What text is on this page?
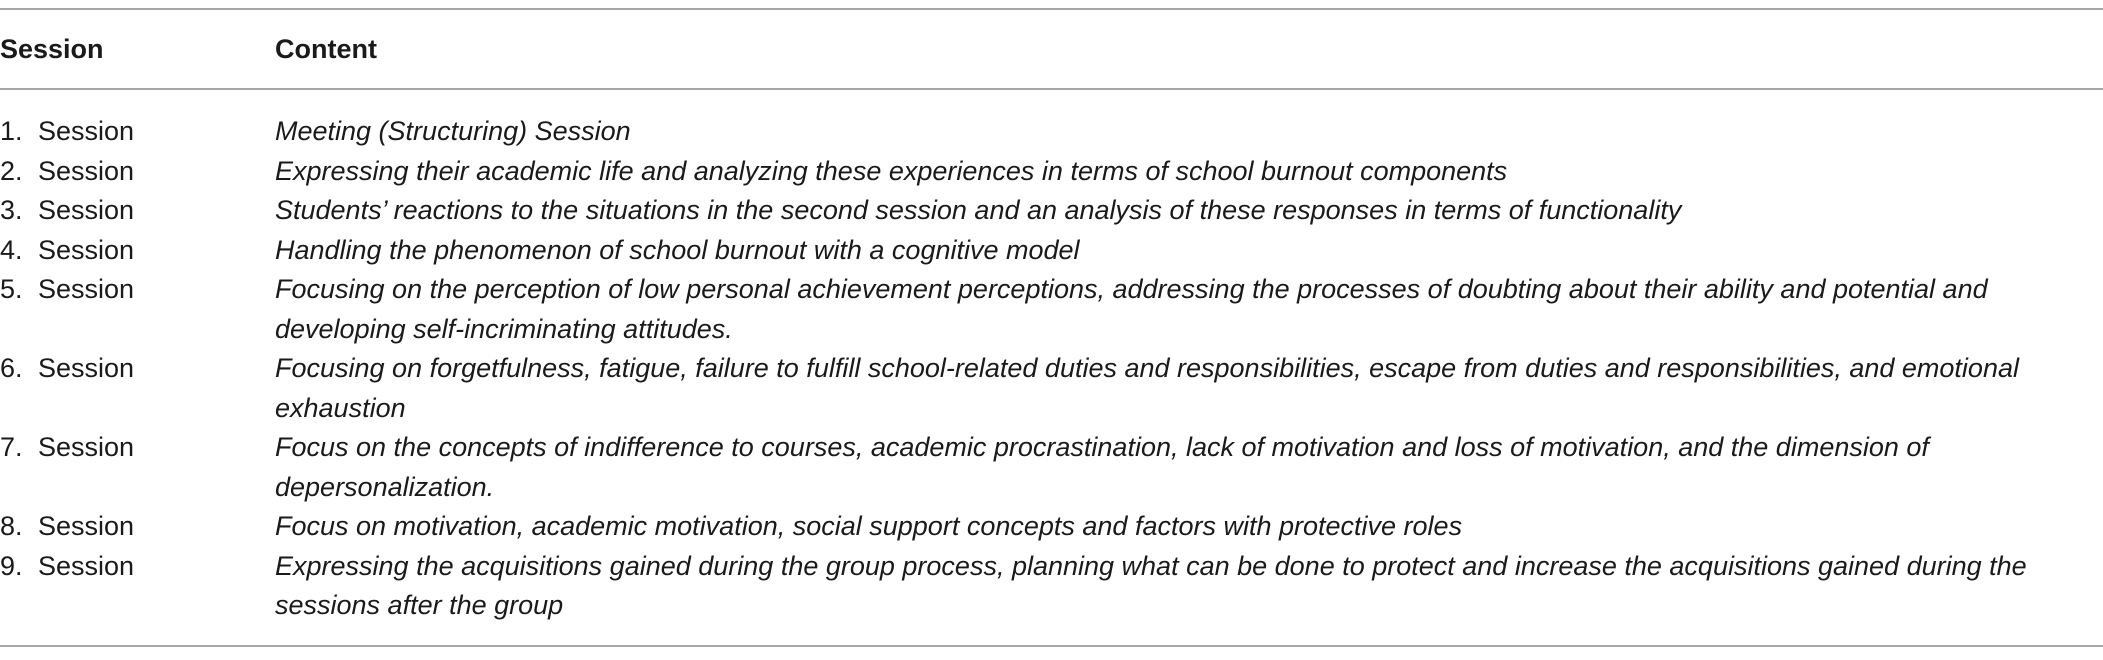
Session	Content
1. Session	Meeting (Structuring) Session
2. Session	Expressing their academic life and analyzing these experiences in terms of school burnout components
3. Session	Students’ reactions to the situations in the second session and an analysis of these responses in terms of functionality
4. Session	Handling the phenomenon of school burnout with a cognitive model
5. Session	Focusing on the perception of low personal achievement perceptions, addressing the processes of doubting about their ability and potential and developing self-incriminating attitudes.
6. Session	Focusing on forgetfulness, fatigue, failure to fulfill school-related duties and responsibilities, escape from duties and responsibilities, and emotional exhaustion
7. Session	Focus on the concepts of indifference to courses, academic procrastination, lack of motivation and loss of motivation, and the dimension of depersonalization.
8. Session	Focus on motivation, academic motivation, social support concepts and factors with protective roles
9. Session	Expressing the acquisitions gained during the group process, planning what can be done to protect and increase the acquisitions gained during the sessions after the group
